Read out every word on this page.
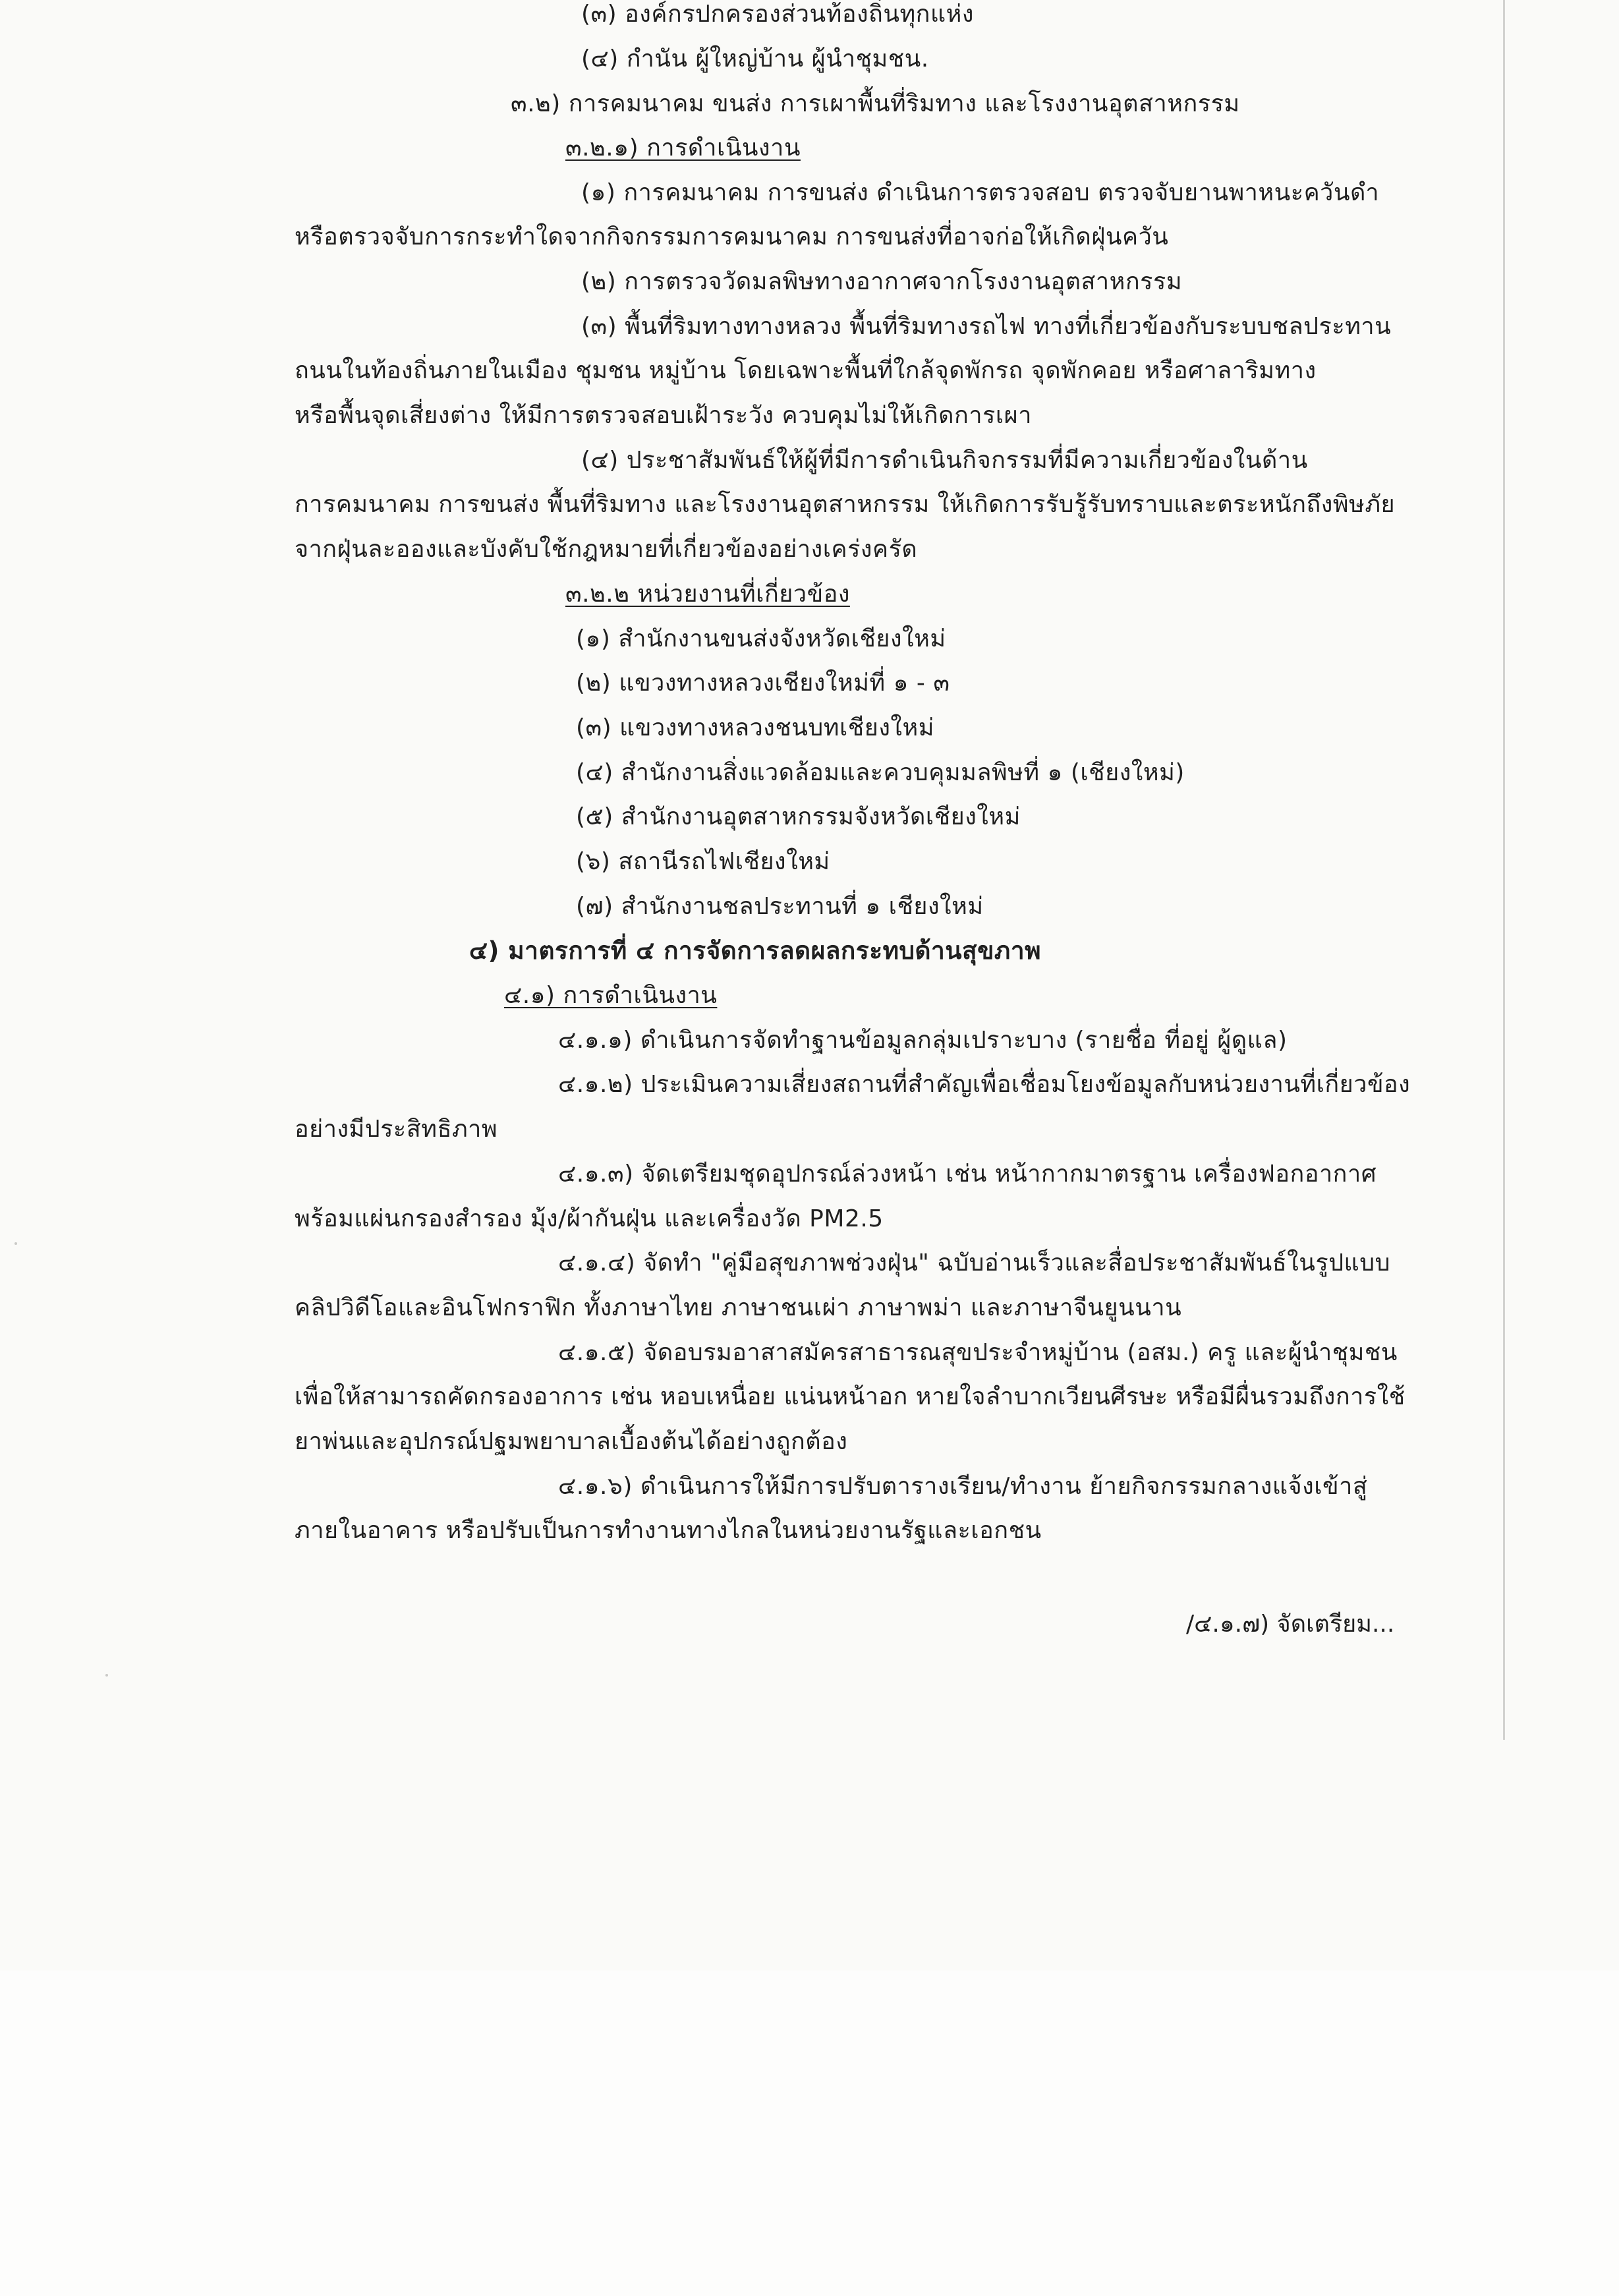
(๓) องค์กรปกครองส่วนท้องถิ่นทุกแห่ง
(๔) กำนัน ผู้ใหญ่บ้าน ผู้นำชุมชน.
๓.๒) การคมนาคม ขนส่ง การเผาพื้นที่ริมทาง และโรงงานอุตสาหกรรม
๓.๒.๑) การดำเนินงาน
(๑) การคมนาคม การขนส่ง ดำเนินการตรวจสอบ ตรวจจับยานพาหนะควันดำ
หรือตรวจจับการกระทำใดจากกิจกรรมการคมนาคม การขนส่งที่อาจก่อให้เกิดฝุ่นควัน
(๒) การตรวจวัดมลพิษทางอากาศจากโรงงานอุตสาหกรรม
(๓) พื้นที่ริมทางทางหลวง พื้นที่ริมทางรถไฟ ทางที่เกี่ยวข้องกับระบบชลประทาน
ถนนในท้องถิ่นภายในเมือง ชุมชน หมู่บ้าน โดยเฉพาะพื้นที่ใกล้จุดพักรถ จุดพักคอย หรือศาลาริมทาง
หรือพื้นจุดเสี่ยงต่าง ให้มีการตรวจสอบเฝ้าระวัง ควบคุมไม่ให้เกิดการเผา
(๔) ประชาสัมพันธ์ให้ผู้ที่มีการดำเนินกิจกรรมที่มีความเกี่ยวข้องในด้าน
การคมนาคม การขนส่ง พื้นที่ริมทาง และโรงงานอุตสาหกรรม ให้เกิดการรับรู้รับทราบและตระหนักถึงพิษภัย
จากฝุ่นละอองและบังคับใช้กฎหมายที่เกี่ยวข้องอย่างเคร่งครัด
๓.๒.๒ หน่วยงานที่เกี่ยวข้อง
(๑) สำนักงานขนส่งจังหวัดเชียงใหม่
(๒) แขวงทางหลวงเชียงใหม่ที่ ๑ - ๓
(๓) แขวงทางหลวงชนบทเชียงใหม่
(๔) สำนักงานสิ่งแวดล้อมและควบคุมมลพิษที่ ๑ (เชียงใหม่)
(๕) สำนักงานอุตสาหกรรมจังหวัดเชียงใหม่
(๖) สถานีรถไฟเชียงใหม่
(๗) สำนักงานชลประทานที่ ๑ เชียงใหม่
๔) มาตรการที่ ๔ การจัดการลดผลกระทบด้านสุขภาพ
๔.๑) การดำเนินงาน
๔.๑.๑) ดำเนินการจัดทำฐานข้อมูลกลุ่มเปราะบาง (รายชื่อ ที่อยู่ ผู้ดูแล)
๔.๑.๒) ประเมินความเสี่ยงสถานที่สำคัญเพื่อเชื่อมโยงข้อมูลกับหน่วยงานที่เกี่ยวข้อง
อย่างมีประสิทธิภาพ
๔.๑.๓) จัดเตรียมชุดอุปกรณ์ล่วงหน้า เช่น หน้ากากมาตรฐาน เครื่องฟอกอากาศ
พร้อมแผ่นกรองสำรอง มุ้ง/ผ้ากันฝุ่น และเครื่องวัด PM2.5
๔.๑.๔) จัดทำ "คู่มือสุขภาพช่วงฝุ่น" ฉบับอ่านเร็วและสื่อประชาสัมพันธ์ในรูปแบบ
คลิปวิดีโอและอินโฟกราฟิก ทั้งภาษาไทย ภาษาชนเผ่า ภาษาพม่า และภาษาจีนยูนนาน
๔.๑.๕) จัดอบรมอาสาสมัครสาธารณสุขประจำหมู่บ้าน (อสม.) ครู และผู้นำชุมชน
เพื่อให้สามารถคัดกรองอาการ เช่น หอบเหนื่อย แน่นหน้าอก หายใจลำบากเวียนศีรษะ หรือมีผื่นรวมถึงการใช้
ยาพ่นและอุปกรณ์ปฐมพยาบาลเบื้องต้นได้อย่างถูกต้อง
๔.๑.๖) ดำเนินการให้มีการปรับตารางเรียน/ทำงาน ย้ายกิจกรรมกลางแจ้งเข้าสู่
ภายในอาคาร หรือปรับเป็นการทำงานทางไกลในหน่วยงานรัฐและเอกชน
/๔.๑.๗) จัดเตรียม...
